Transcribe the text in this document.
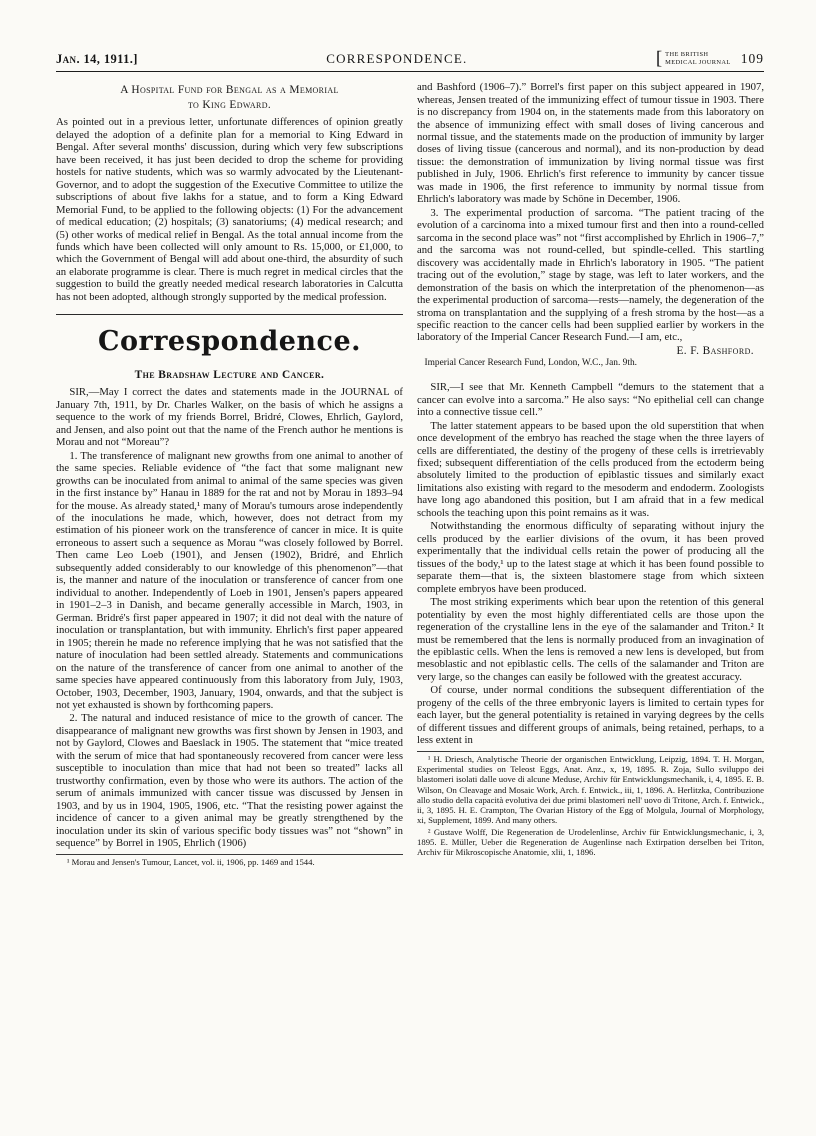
Jan. 14, 1911.]	CORRESPONDENCE.	[ THE BRITISH
MEDICAL JOURNAL 109
A Hospital Fund for Bengal as a Memorial
to King Edward.

As pointed out in a previous letter, unfortunate differences of opinion greatly delayed the adoption of a definite plan for a memorial to King Edward in Bengal. After several months' discussion, during which very few subscriptions have been received, it has just been decided to drop the scheme for providing hostels for native students, which was so warmly advocated by the Lieutenant-Governor, and to adopt the suggestion of the Executive Committee to utilize the subscriptions of about five lakhs for a statue, and to form a King Edward Memorial Fund, to be applied to the following objects: (1) For the advancement of medical education; (2) hospitals; (3) sanatoriums; (4) medical research; and (5) other works of medical relief in Bengal. As the total annual income from the funds which have been collected will only amount to Rs. 15,000, or £1,000, to which the Government of Bengal will add about one-third, the absurdity of such an elaborate programme is clear. There is much regret in medical circles that the suggestion to build the greatly needed medical research laboratories in Calcutta has not been adopted, although strongly supported by the medical profession.

Correspondence.
The Bradshaw Lecture and Cancer.

SIR,—May I correct the dates and statements made in the JOURNAL of January 7th, 1911, by Dr. Charles Walker, on the basis of which he assigns a sequence to the work of my friends Borrel, Bridré, Clowes, Ehrlich, Gaylord, and Jensen, and also point out that the name of the French author he mentions is Morau and not “Moreau”?

1. The transference of malignant new growths from one animal to another of the same species. Reliable evidence of “the fact that some malignant new growths can be inoculated from animal to animal of the same species was given in the first instance by” Hanau in 1889 for the rat and not by Morau in 1893–94 for the mouse. As already stated,¹ many of Morau's tumours arose independently of the inoculations he made, which, however, does not detract from my estimation of his pioneer work on the transference of cancer in mice. It is quite erroneous to assert such a sequence as Morau “was closely followed by Borrel. Then came Leo Loeb (1901), and Jensen (1902), Bridré, and Ehrlich subsequently added considerably to our knowledge of this phenomenon”—that is, the manner and nature of the inoculation or transference of cancer from one individual to another. Independently of Loeb in 1901, Jensen's papers appeared in 1901–2–3 in Danish, and became generally accessible in March, 1903, in German. Bridré's first paper appeared in 1907; it did not deal with the nature of inoculation or transplantation, but with immunity. Ehrlich's first paper appeared in 1905; therein he made no reference implying that he was not satisfied that the nature of inoculation had been settled already. Statements and communications on the nature of the transference of cancer from one animal to another of the same species have appeared continuously from this laboratory from July, 1903, October, 1903, December, 1903, January, 1904, onwards, and that the subject is not yet exhausted is shown by forthcoming papers.

2. The natural and induced resistance of mice to the growth of cancer. The disappearance of malignant new growths was first shown by Jensen in 1903, and not by Gaylord, Clowes and Baeslack in 1905. The statement that “mice treated with the serum of mice that had spontaneously recovered from cancer were less susceptible to inoculation than mice that had not been so treated” lacks all trustworthy confirmation, even by those who were its authors. The action of the serum of animals immunized with cancer tissue was discussed by Jensen in 1903, and by us in 1904, 1905, 1906, etc. “That the resisting power against the incidence of cancer to a given animal may be greatly strengthened by the inoculation under its skin of various specific body tissues was” not “shown” in sequence” by Borrel in 1905, Ehrlich (1906)

¹ Morau and Jensen's Tumour, Lancet, vol. ii, 1906, pp. 1469 and 1544.

and Bashford (1906–7).” Borrel's first paper on this subject appeared in 1907, whereas, Jensen treated of the immunizing effect of tumour tissue in 1903. There is no discrepancy from 1904 on, in the statements made from this laboratory on the absence of immunizing effect with small doses of living cancerous and normal tissue, and the statements made on the production of immunity by larger doses of living tissue (cancerous and normal), and its non-production by dead tissue: the demonstration of immunization by living normal tissue was first published in July, 1906. Ehrlich's first reference to immunity by cancer tissue was made in 1906, the first reference to immunity by normal tissue from Ehrlich's laboratory was made by Schöne in December, 1906.

3. The experimental production of sarcoma. “The patient tracing of the evolution of a carcinoma into a mixed tumour first and then into a round-celled sarcoma in the second place was” not “first accomplished by Ehrlich in 1906–7,” and the sarcoma was not round-celled, but spindle-celled. This startling discovery was accidentally made in Ehrlich's laboratory in 1905. “The patient tracing out of the evolution,” stage by stage, was left to later workers, and the demonstration of the basis on which the interpretation of the phenomenon—as the experimental production of sarcoma—rests—namely, the degeneration of the stroma on transplantation and the supplying of a fresh stroma by the host—as a specific reaction to the cancer cells had been supplied earlier by workers in the laboratory of the Imperial Cancer Research Fund.—I am, etc.,

E. F. Bashford.
Imperial Cancer Research Fund, London, W.C., Jan. 9th.

SIR,—I see that Mr. Kenneth Campbell “demurs to the statement that a cancer can evolve into a sarcoma.” He also says: “No epithelial cell can change into a connective tissue cell.”

The latter statement appears to be based upon the old superstition that when once development of the embryo has reached the stage when the three layers of cells are differentiated, the destiny of the progeny of these cells is irretrievably fixed; subsequent differentiation of the cells produced from the ectoderm being absolutely limited to the production of epiblastic tissues and similarly exact limitations also existing with regard to the mesoderm and endoderm. Zoologists have long ago abandoned this position, but I am afraid that in a few medical schools the teaching upon this point remains as it was.

Notwithstanding the enormous difficulty of separating without injury the cells produced by the earlier divisions of the ovum, it has been proved experimentally that the individual cells retain the power of producing all the tissues of the body,¹ up to the latest stage at which it has been found possible to separate them—that is, the sixteen blastomere stage from which sixteen complete embryos have been produced.

The most striking experiments which bear upon the retention of this general potentiality by even the most highly differentiated cells are those upon the regeneration of the crystalline lens in the eye of the salamander and Triton.² It must be remembered that the lens is normally produced from an invagination of the epiblastic cells. When the lens is removed a new lens is developed, but from mesoblastic and not epiblastic cells. The cells of the salamander and Triton are very large, so the changes can easily be followed with the greatest accuracy.

Of course, under normal conditions the subsequent differentiation of the progeny of the cells of the three embryonic layers is limited to certain types for each layer, but the general potentiality is retained in varying degrees by the cells of different tissues and different groups of animals, being retained, perhaps, to a less extent in

¹ H. Driesch, Analytische Theorie der organischen Entwicklung, Leipzig, 1894. T. H. Morgan, Experimental studies on Teleost Eggs, Anat. Anz., x, 19, 1895. R. Zoja, Sullo sviluppo dei blastomeri isolati dalle uove di alcune Meduse, Archiv für Entwicklungsmechanik, i, 4, 1895. E. B. Wilson, On Cleavage and Mosaic Work, Arch. f. Entwick., iii, 1, 1896. A. Herlitzka, Contribuzione allo studio della capacità evolutiva dei due primi blastomeri nell' uovo di Tritone, Arch. f. Entwick., ii, 3, 1895. H. E. Crampton, The Ovarian History of the Egg of Molgula, Journal of Morphology, xi, Supplement, 1899. And many others.

² Gustave Wolff, Die Regeneration de Urodelenlinse, Archiv für Entwicklungsmechanic, i, 3, 1895. E. Müller, Ueber die Regeneration de Augenlinse nach Extirpation derselben bei Triton, Archiv für Mikroscopische Anatomie, xlii, 1, 1896.
